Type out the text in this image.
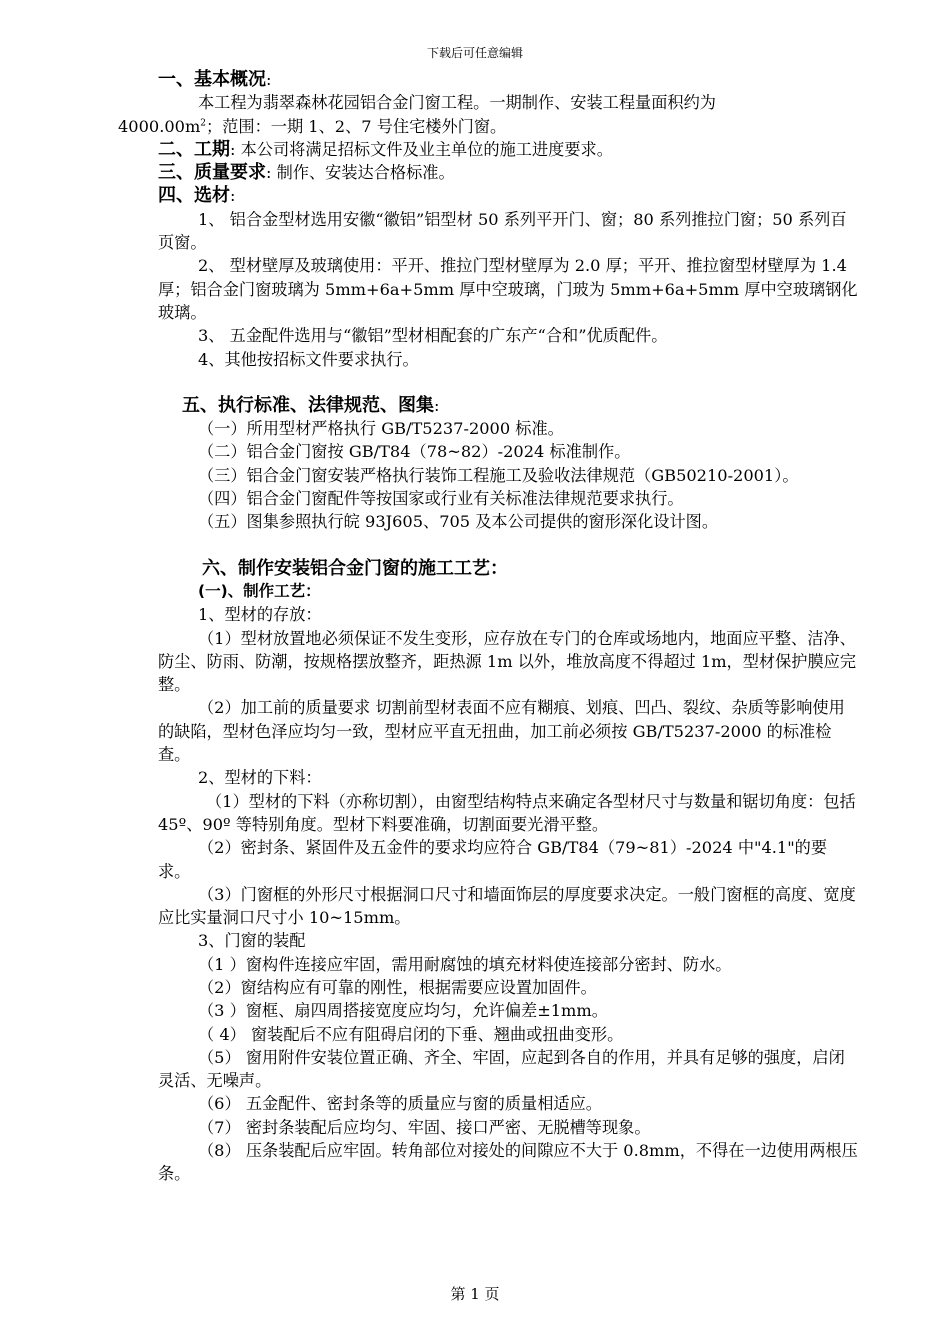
下载后可任意编辑

一、基本概况:

本工程为翡翠森林花园铝合金门窗工程。一期制作、安装工程量面积约为
$4000.00m^2$；范围：一期 1、2、7 号住宅楼外门窗。

二、工期: 本公司将满足招标文件及业主单位的施工进度要求。

三、质量要求: 制作、安装达合格标准。

四、选材:

1、 铝合金型材选用安徽“徽铝”铝型材 50 系列平开门、窗；80 系列推拉门窗；50 系列百页窗。

2、 型材壁厚及玻璃使用：平开、推拉门型材壁厚为 2.0 厚；平开、推拉窗型材壁厚为 1.4 厚；铝合金门窗玻璃为 5mm+6a+5mm 厚中空玻璃，门玻为 5mm+6a+5mm 厚中空玻璃钢化玻璃。

3、 五金配件选用与“徽铝”型材相配套的广东产“合和”优质配件。

4、其他按招标文件要求执行。

五、执行标准、法律规范、图集:

（一）所用型材严格执行 GB/T5237-2000 标准。

（二）铝合金门窗按 GB/T84（78~82）-2024 标准制作。

（三）铝合金门窗安装严格执行装饰工程施工及验收法律规范（GB50210-2001）。

（四）铝合金门窗配件等按国家或行业有关标准法律规范要求执行。

（五）图集参照执行皖 93J605、705 及本公司提供的窗形深化设计图。

六、制作安装铝合金门窗的施工工艺：

(一)、制作工艺：

1、型材的存放：

（1）型材放置地必须保证不发生变形，应存放在专门的仓库或场地内，地面应平整、洁净、防尘、防雨、防潮，按规格摆放整齐，距热源 1m 以外，堆放高度不得超过 1m，型材保护膜应完整。

（2）加工前的质量要求 切割前型材表面不应有糊痕、划痕、凹凸、裂纹、杂质等影响使用的缺陷，型材色泽应均匀一致，型材应平直无扭曲，加工前必须按 GB/T5237-2000 的标准检查。

2、型材的下料：

（1）型材的下料（亦称切割），由窗型结构特点来确定各型材尺寸与数量和锯切角度：包括 45º、90º 等特别角度。型材下料要准确，切割面要光滑平整。

（2）密封条、紧固件及五金件的要求均应符合 GB/T84（79~81）-2024 中"4.1"的要求。

（3）门窗框的外形尺寸根据洞口尺寸和墙面饰层的厚度要求决定。一般门窗框的高度、宽度应比实量洞口尺寸小 10~15mm。

3、门窗的装配

（1 ）窗构件连接应牢固，需用耐腐蚀的填充材料使连接部分密封、防水。

（2）窗结构应有可靠的刚性，根据需要应设置加固件。

（3 ）窗框、扇四周搭接宽度应均匀，允许偏差±1mm。

（ 4） 窗装配后不应有阻碍启闭的下垂、翘曲或扭曲变形。

（5） 窗用附件安装位置正确、齐全、牢固，应起到各自的作用，并具有足够的强度，启闭灵活、无噪声。

（6） 五金配件、密封条等的质量应与窗的质量相适应。

（7） 密封条装配后应均匀、牢固、接口严密、无脱槽等现象。

（8） 压条装配后应牢固。转角部位对接处的间隙应不大于 0.8mm，不得在一边使用两根压条。

第 1 页
